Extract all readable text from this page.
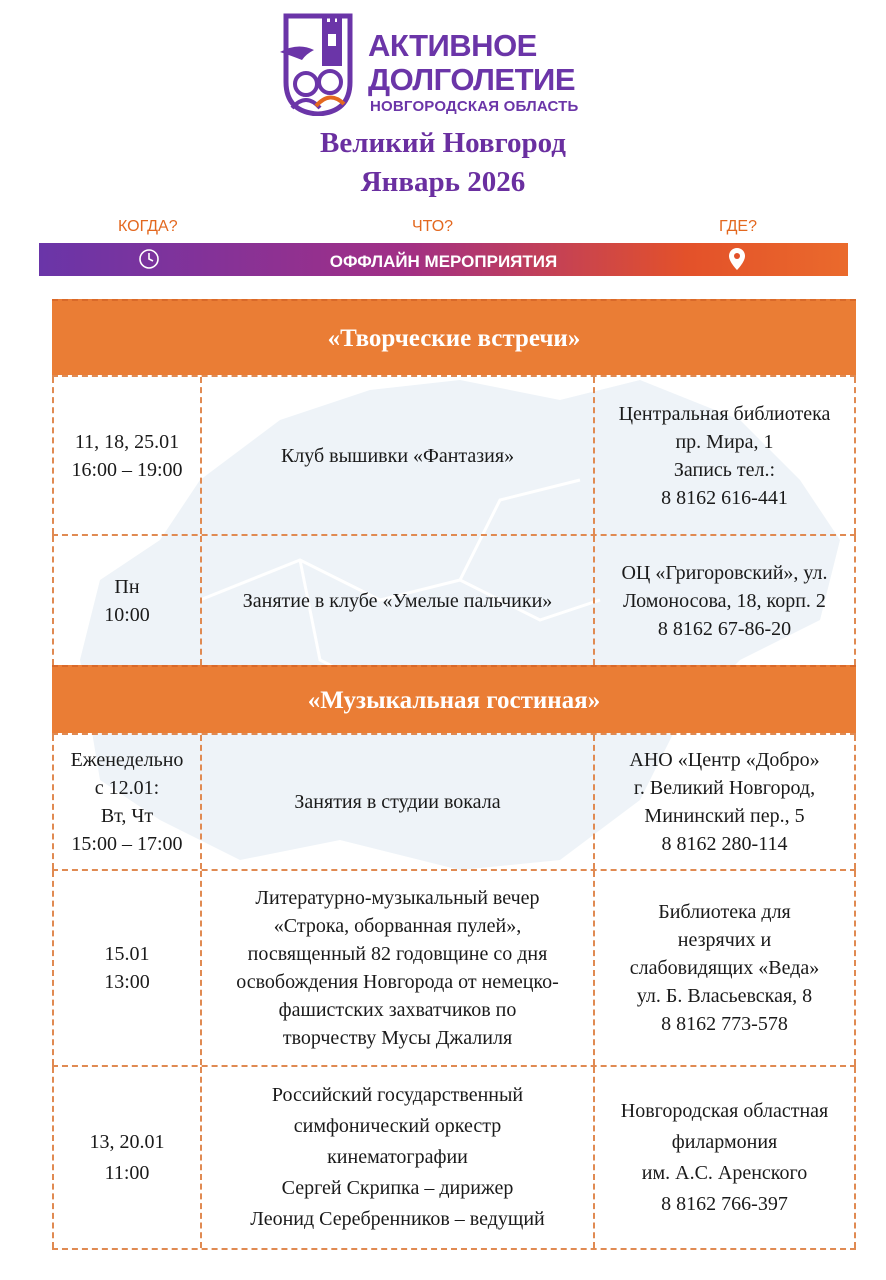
АКТИВНОЕ
ДОЛГОЛЕТИЕ
НОВГОРОДСКАЯ ОБЛАСТЬ
Великий Новгород
Январь 2026
КОГДА?	ЧТО?	ГДЕ?
ОФФЛАЙН МЕРОПРИЯТИЯ
«Творческие встречи»
11, 18, 25.01
16:00 – 19:00
Клуб вышивки «Фантазия»
Центральная библиотека
пр. Мира, 1
Запись тел.:
8 8162 616-441
Пн
10:00
Занятие в клубе «Умелые пальчики»
ОЦ «Григоровский», ул.
Ломоносова, 18, корп. 2
8 8162 67-86-20
«Музыкальная гостиная»
Еженедельно
с 12.01:
Вт, Чт
15:00 – 17:00
Занятия в студии вокала
АНО «Центр «Добро»
г. Великий Новгород,
Мининский пер., 5
8 8162 280-114
15.01
13:00
Литературно-музыкальный вечер
«Строка, оборванная пулей»,
посвященный 82 годовщине со дня
освобождения Новгорода от немецко-
фашистских захватчиков по
творчеству Мусы Джалиля
Библиотека для
незрячих и
слабовидящих «Веда»
ул. Б. Власьевская, 8
8 8162 773-578
13, 20.01
11:00
Российский государственный
симфонический оркестр
кинематографии
Сергей Скрипка – дирижер
Леонид Серебренников – ведущий
Новгородская областная
филармония
им. А.С. Аренского
8 8162 766-397
